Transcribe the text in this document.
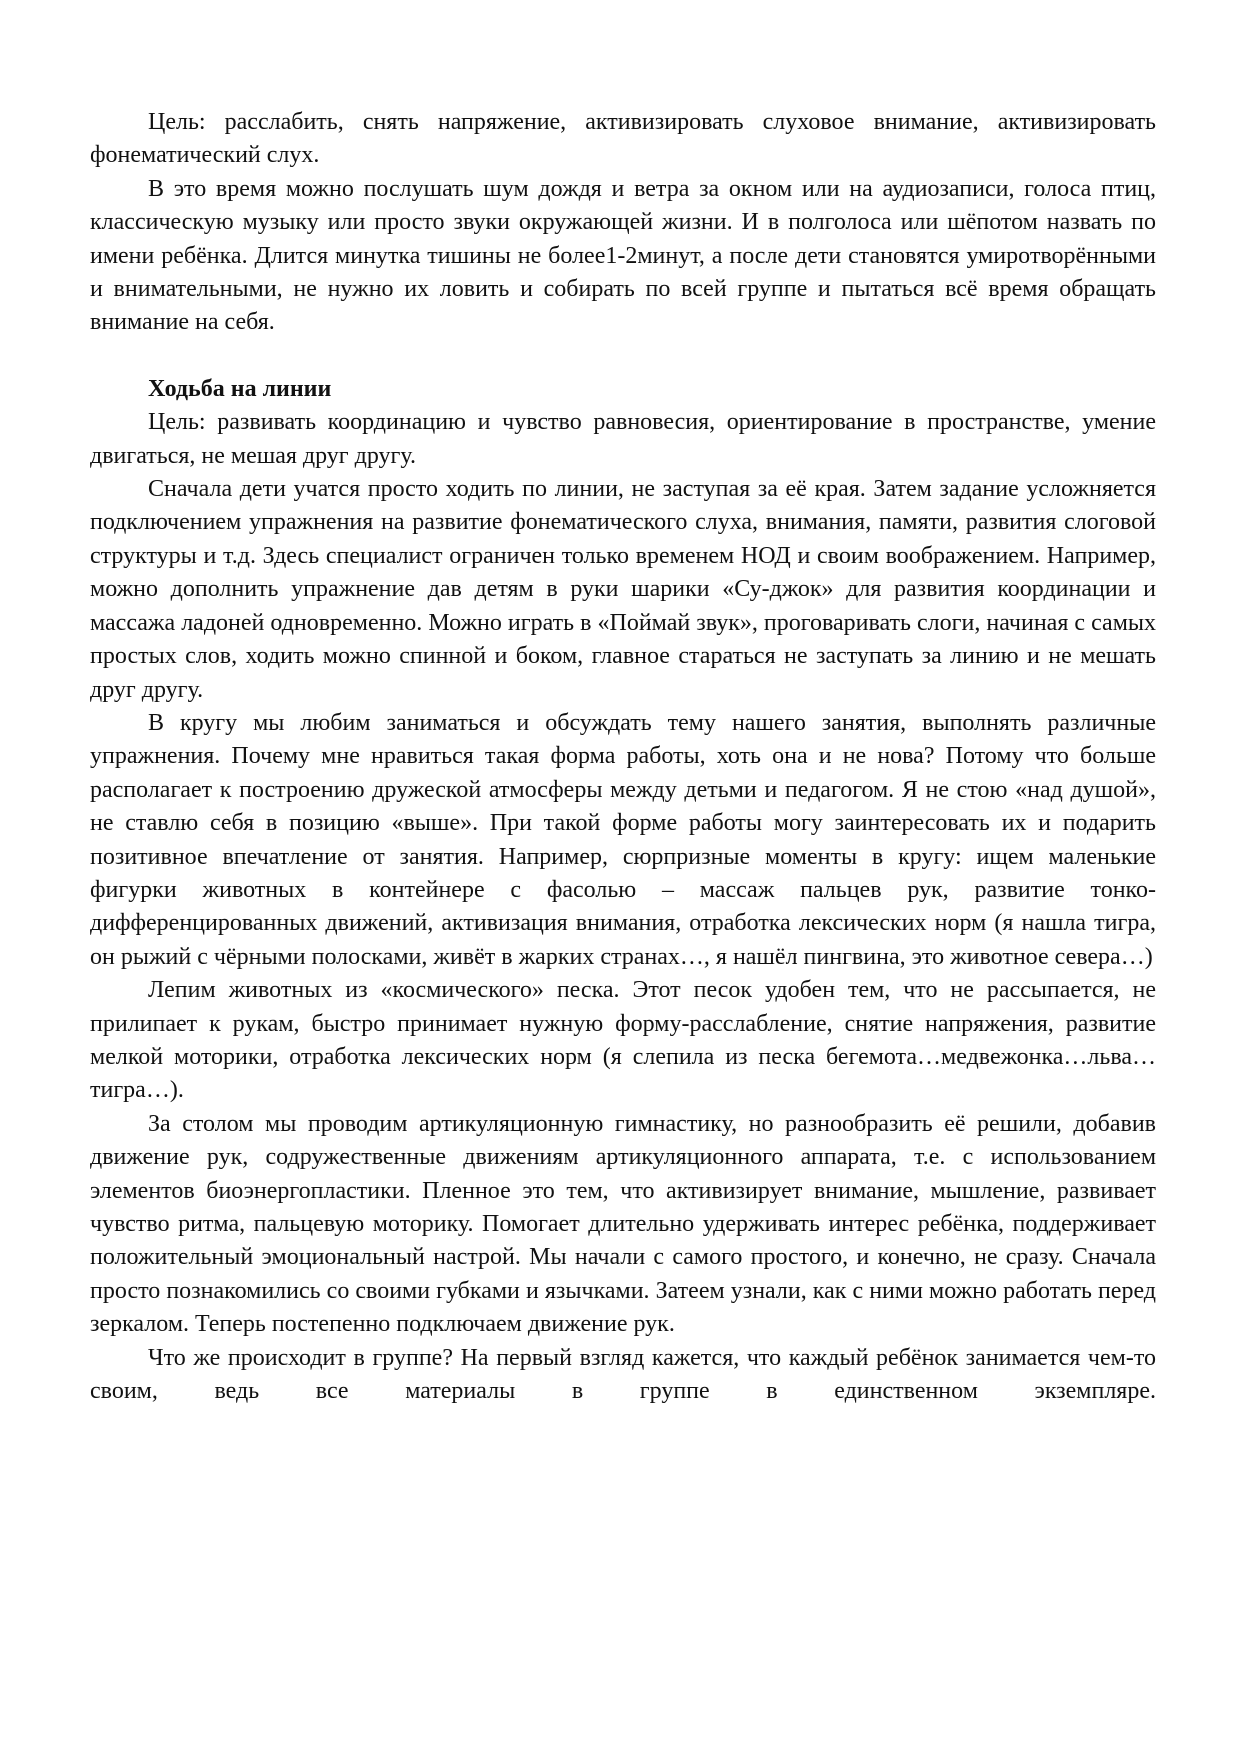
Цель: расслабить, снять напряжение, активизировать слуховое внимание, активизировать фонематический слух.

В это время можно послушать шум дождя и ветра за окном или на аудиозаписи, голоса птиц, классическую музыку или просто звуки окружающей жизни. И в полголоса или шёпотом назвать по имени ребёнка. Длится минутка тишины не более1-2минут, а после дети становятся умиротворёнными и внимательными, не нужно их ловить и собирать по всей группе и пытаться всё время обращать внимание на себя.

Ходьба на линии

Цель: развивать координацию и чувство равновесия, ориентирование в пространстве, умение двигаться, не мешая друг другу.

Сначала дети учатся просто ходить по линии, не заступая за её края. Затем задание усложняется подключением упражнения на развитие фонематического слуха, внимания, памяти, развития слоговой структуры и т.д. Здесь специалист ограничен только временем НОД и своим воображением. Например, можно дополнить упражнение дав детям в руки шарики «Су-джок» для развития координации и массажа ладоней одновременно. Можно играть в «Поймай звук», проговаривать слоги, начиная с самых простых слов, ходить можно спинной и боком, главное стараться не заступать за линию и не мешать друг другу.

В кругу мы любим заниматься и обсуждать тему нашего занятия, выполнять различные упражнения. Почему мне нравиться такая форма работы, хоть она и не нова? Потому что больше располагает к построению дружеской атмосферы между детьми и педагогом. Я не стою «над душой», не ставлю себя в позицию «выше». При такой форме работы могу заинтересовать их и подарить позитивное впечатление от занятия. Например, сюрпризные моменты в кругу: ищем маленькие фигурки животных в контейнере с фасолью – массаж пальцев рук, развитие тонко-дифференцированных движений, активизация внимания, отработка лексических норм (я нашла тигра, он рыжий с чёрными полосками, живёт в жарких странах…, я нашёл пингвина, это животное севера…)

Лепим животных из «космического» песка. Этот песок удобен тем, что не рассыпается, не прилипает к рукам, быстро принимает нужную форму-расслабление, снятие напряжения, развитие мелкой моторики, отработка лексических норм (я слепила из песка бегемота…медвежонка…льва…тигра…).

За столом мы проводим артикуляционную гимнастику, но разнообразить её решили, добавив движение рук, содружественные движениям артикуляционного аппарата, т.е. с использованием элементов биоэнергопластики. Пленное это тем, что активизирует внимание, мышление, развивает чувство ритма, пальцевую моторику. Помогает длительно удерживать интерес ребёнка, поддерживает положительный эмоциональный настрой. Мы начали с самого простого, и конечно, не сразу. Сначала просто познакомились со своими губками и язычками. Затеем узнали, как с ними можно работать перед зеркалом. Теперь постепенно подключаем движение рук.

Что же происходит в группе? На первый взгляд кажется, что каждый ребёнок занимается чем-то своим, ведь все материалы в группе в единственном экземпляре.
